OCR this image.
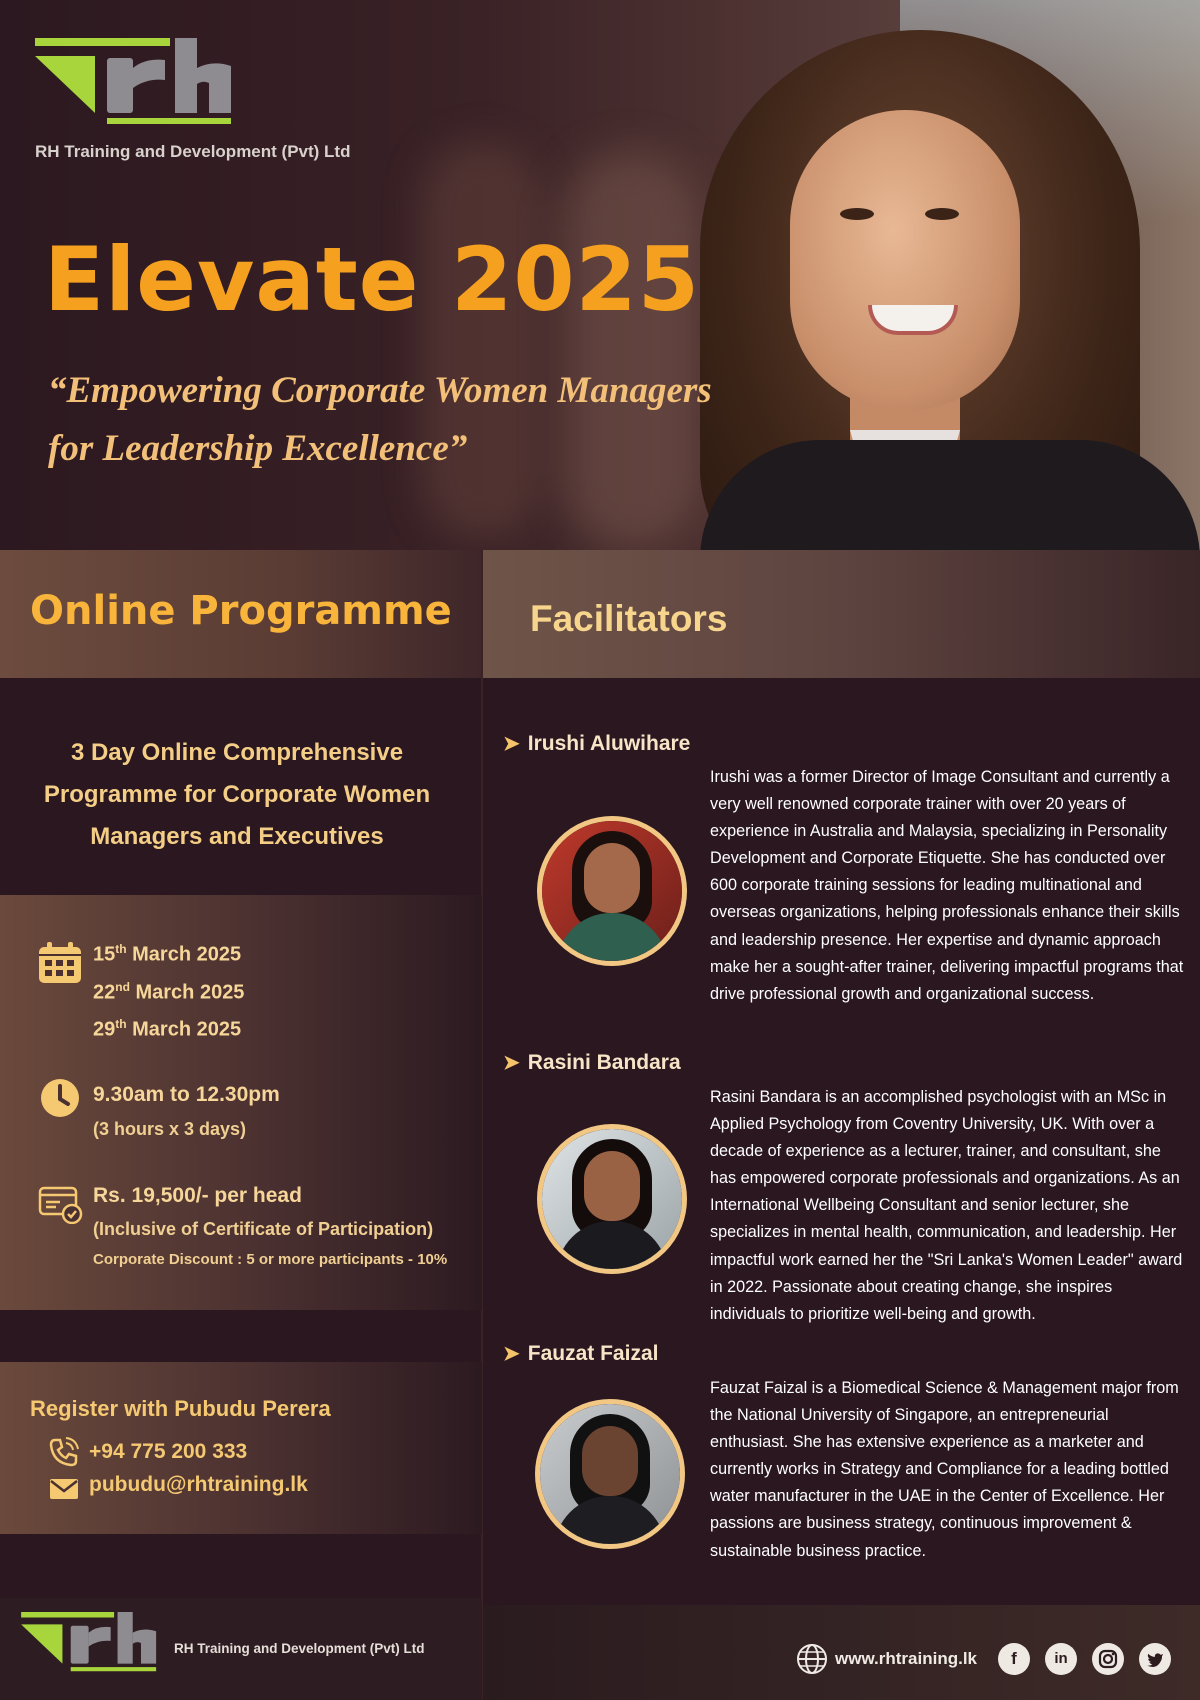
RH Training and Development (Pvt) Ltd
Elevate 2025
“Empowering Corporate Women Managers
for Leadership Excellence”
Online Programme Facilitators
3 Day Online Comprehensive
Programme for Corporate Women
Managers and Executives
15th March 2025
22nd March 2025
29th March 2025
9.30am to 12.30pm
(3 hours x 3 days)
Rs. 19,500/- per head
(Inclusive of Certificate of Participation)
Corporate Discount : 5 or more participants - 10%
Register with Pubudu Perera
+94 775 200 333
pubudu@rhtraining.lk
➤ Irushi Aluwihare
Irushi was a former Director of Image Consultant and currently a very well renowned corporate trainer with over 20 years of experience in Australia and Malaysia, specializing in Personality Development and Corporate Etiquette. She has conducted over 600 corporate training sessions for leading multinational and overseas organizations, helping professionals enhance their skills and leadership presence. Her expertise and dynamic approach make her a sought-after trainer, delivering impactful programs that drive professional growth and organizational success.
➤ Rasini Bandara
Rasini Bandara is an accomplished psychologist with an MSc in Applied Psychology from Coventry University, UK. With over a decade of experience as a lecturer, trainer, and consultant, she has empowered corporate professionals and organizations. As an International Wellbeing Consultant and senior lecturer, she specializes in mental health, communication, and leadership. Her impactful work earned her the "Sri Lanka's Women Leader" award in 2022. Passionate about creating change, she inspires individuals to prioritize well-being and growth.
➤ Fauzat Faizal
Fauzat Faizal is a Biomedical Science & Management major from the National University of Singapore, an entrepreneurial enthusiast. She has extensive experience as a marketer and currently works in Strategy and Compliance for a leading bottled water manufacturer in the UAE in the Center of Excellence. Her passions are business strategy, continuous improvement & sustainable business practice.
RH Training and Development (Pvt) Ltd
www.rhtraining.lk	f	in
